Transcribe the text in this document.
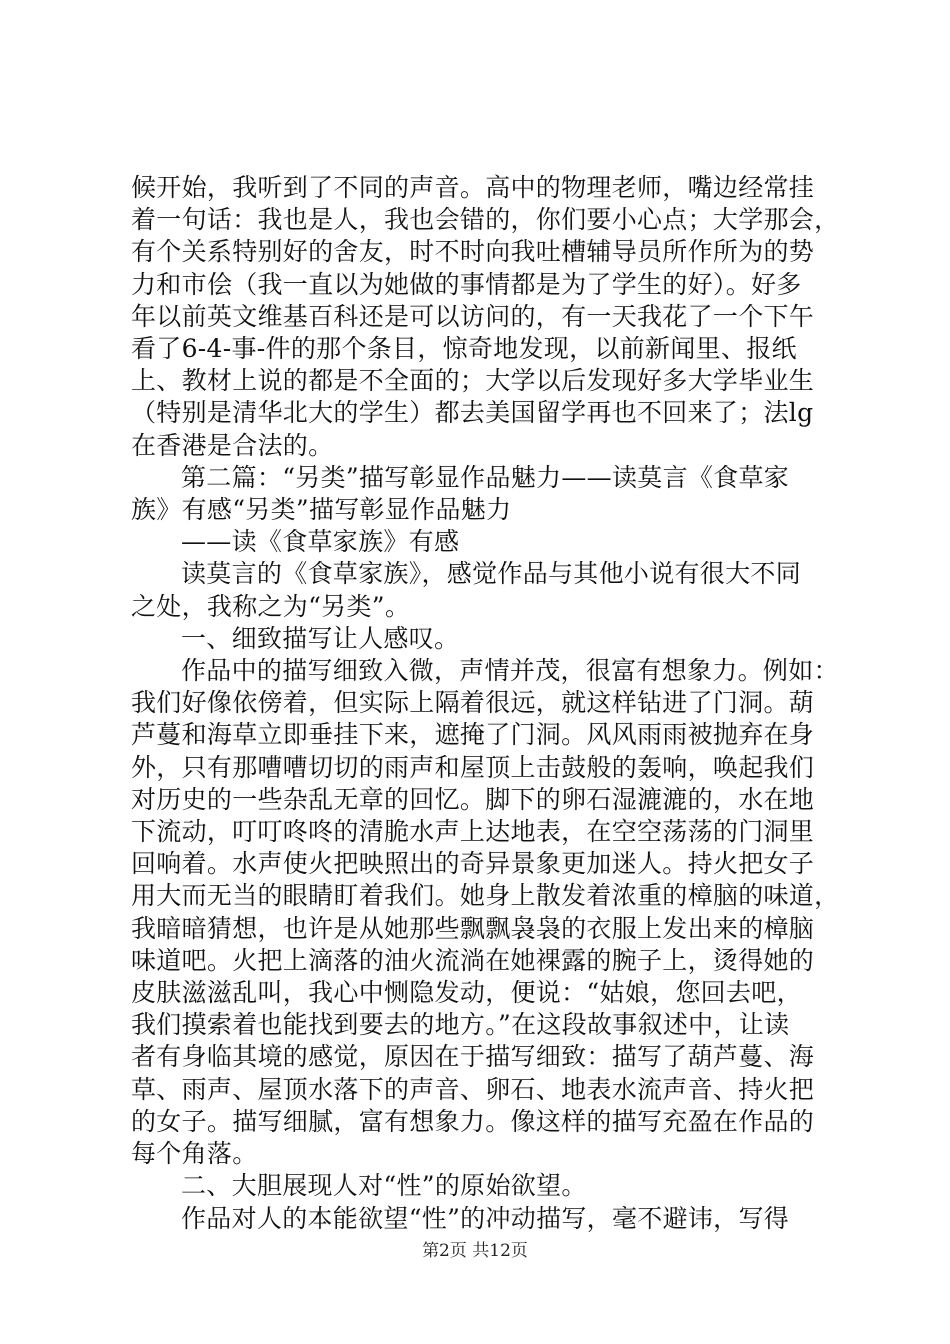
候开始，我听到了不同的声音。高中的物理老师，嘴边经常挂
着一句话：我也是人，我也会错的，你们要小心点；大学那会，
有个关系特别好的舍友，时不时向我吐槽辅导员所作所为的势
力和市侩（我一直以为她做的事情都是为了学生的好）。好多
年以前英文维基百科还是可以访问的，有一天我花了一个下午
看了6-4-事-件的那个条目，惊奇地发现，以前新闻里、报纸
上、教材上说的都是不全面的；大学以后发现好多大学毕业生
（特别是清华北大的学生）都去美国留学再也不回来了；法lg
在香港是合法的。
第二篇：“另类”描写彰显作品魅力——读莫言《食草家
族》有感“另类”描写彰显作品魅力
——读《食草家族》有感
读莫言的《食草家族》，感觉作品与其他小说有很大不同
之处，我称之为“另类”。
一、细致描写让人感叹。
作品中的描写细致入微，声情并茂，很富有想象力。例如：
我们好像依傍着，但实际上隔着很远，就这样钻进了门洞。葫
芦蔓和海草立即垂挂下来，遮掩了门洞。风风雨雨被抛弃在身
外，只有那嘈嘈切切的雨声和屋顶上击鼓般的轰响，唤起我们
对历史的一些杂乱无章的回忆。脚下的卵石湿漉漉的，水在地
下流动，叮叮咚咚的清脆水声上达地表，在空空荡荡的门洞里
回响着。水声使火把映照出的奇异景象更加迷人。持火把女子
用大而无当的眼睛盯着我们。她身上散发着浓重的樟脑的味道，
我暗暗猜想，也许是从她那些飘飘袅袅的衣服上发出来的樟脑
味道吧。火把上滴落的油火流淌在她裸露的腕子上，烫得她的
皮肤滋滋乱叫，我心中恻隐发动，便说：“姑娘，您回去吧，
我们摸索着也能找到要去的地方。”在这段故事叙述中，让读
者有身临其境的感觉，原因在于描写细致：描写了葫芦蔓、海
草、雨声、屋顶水落下的声音、卵石、地表水流声音、持火把
的女子。描写细腻，富有想象力。像这样的描写充盈在作品的
每个角落。
二、大胆展现人对“性”的原始欲望。
作品对人的本能欲望“性”的冲动描写，毫不避讳，写得
第2页 共12页
